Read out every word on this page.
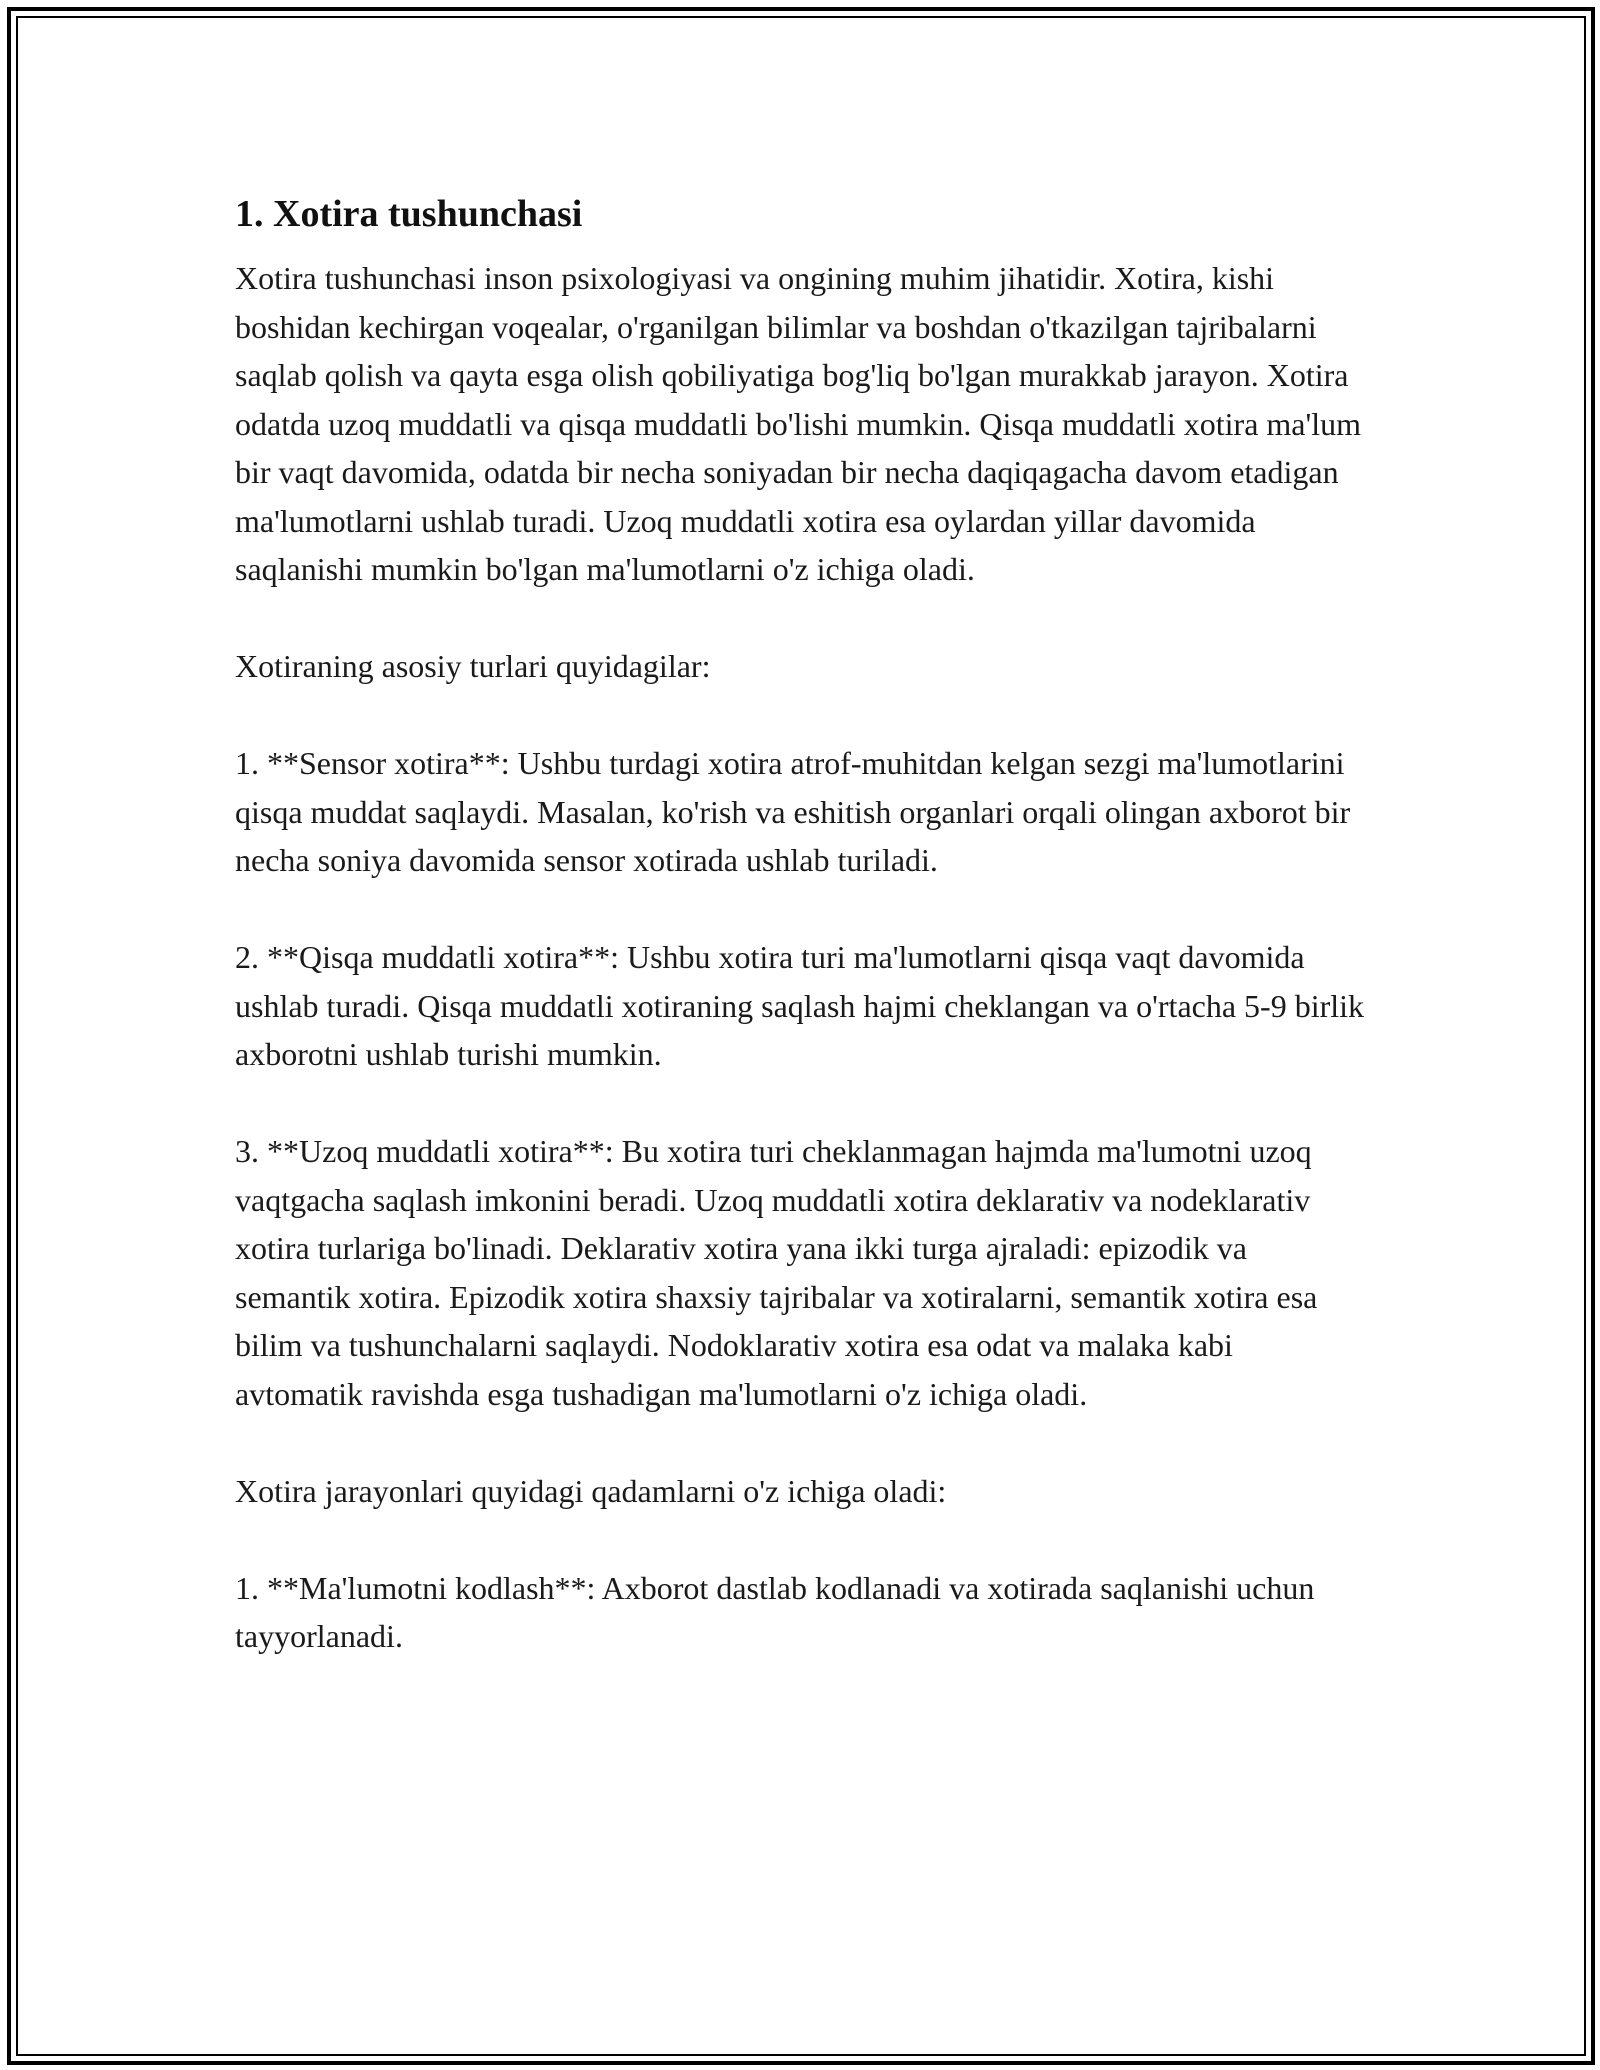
1. Xotira tushunchasi

Xotira tushunchasi inson psixologiyasi va ongining muhim jihatidir. Xotira, kishi boshidan kechirgan voqealar, o'rganilgan bilimlar va boshdan o'tkazilgan tajribalarni saqlab qolish va qayta esga olish qobiliyatiga bog'liq bo'lgan murakkab jarayon. Xotira odatda uzoq muddatli va qisqa muddatli bo'lishi mumkin. Qisqa muddatli xotira ma'lum bir vaqt davomida, odatda bir necha soniyadan bir necha daqiqagacha davom etadigan ma'lumotlarni ushlab turadi. Uzoq muddatli xotira esa oylardan yillar davomida saqlanishi mumkin bo'lgan ma'lumotlarni o'z ichiga oladi.

Xotiraning asosiy turlari quyidagilar:

1. **Sensor xotira**: Ushbu turdagi xotira atrof-muhitdan kelgan sezgi ma'lumotlarini qisqa muddat saqlaydi. Masalan, ko'rish va eshitish organlari orqali olingan axborot bir necha soniya davomida sensor xotirada ushlab turiladi.

2. **Qisqa muddatli xotira**: Ushbu xotira turi ma'lumotlarni qisqa vaqt davomida ushlab turadi. Qisqa muddatli xotiraning saqlash hajmi cheklangan va o'rtacha 5-9 birlik axborotni ushlab turishi mumkin.

3. **Uzoq muddatli xotira**: Bu xotira turi cheklanmagan hajmda ma'lumotni uzoq vaqtgacha saqlash imkonini beradi. Uzoq muddatli xotira deklarativ va nodeklarativ xotira turlariga bo'linadi. Deklarativ xotira yana ikki turga ajraladi: epizodik va semantik xotira. Epizodik xotira shaxsiy tajribalar va xotiralarni, semantik xotira esa bilim va tushunchalarni saqlaydi. Nodoklarativ xotira esa odat va malaka kabi avtomatik ravishda esga tushadigan ma'lumotlarni o'z ichiga oladi.

Xotira jarayonlari quyidagi qadamlarni o'z ichiga oladi:

1. **Ma'lumotni kodlash**: Axborot dastlab kodlanadi va xotirada saqlanishi uchun tayyorlanadi.
